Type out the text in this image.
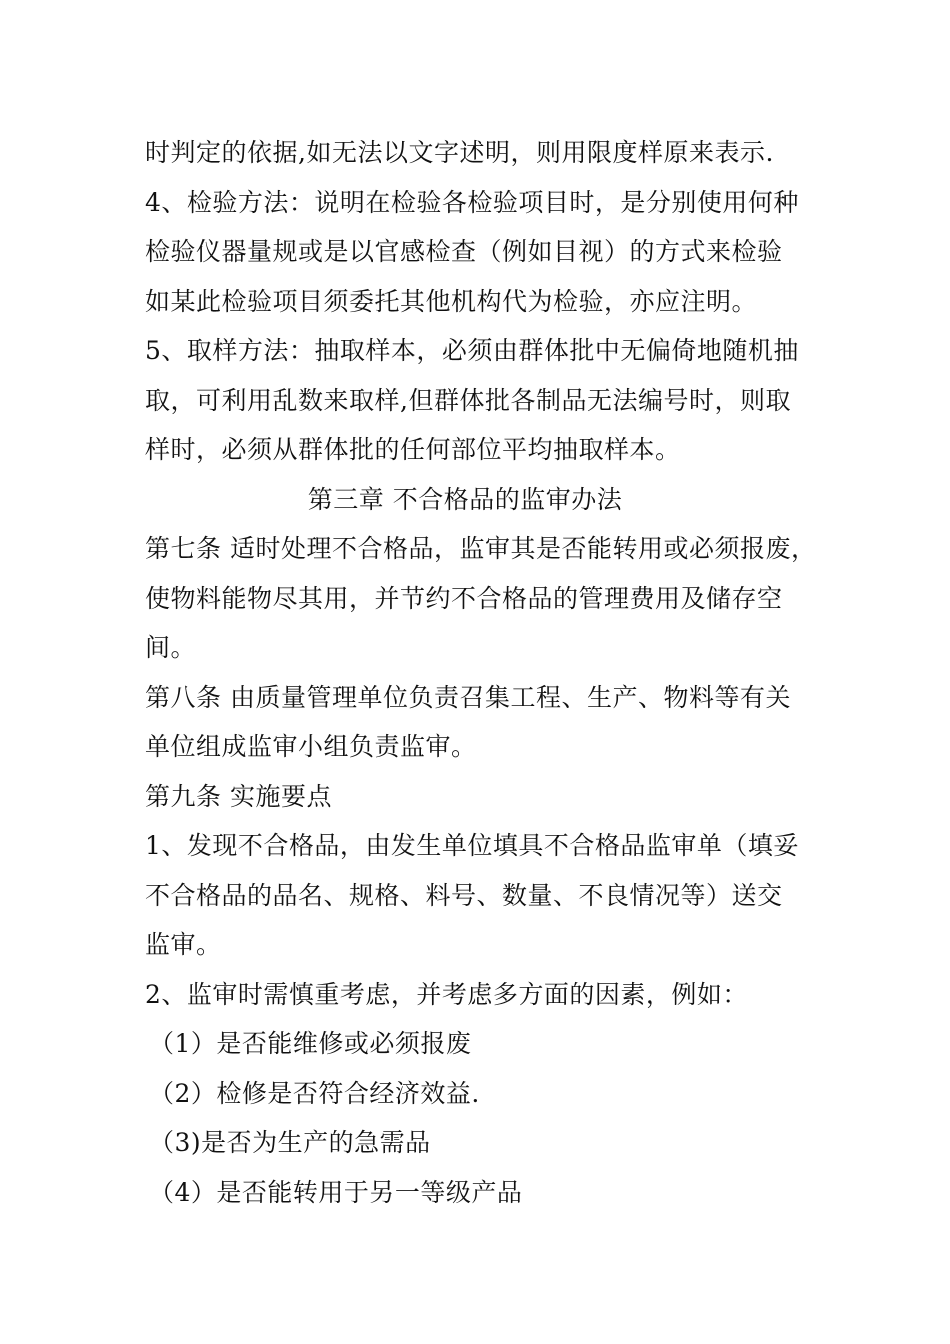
时判定的依据,如无法以文字述明，则用限度样原来表示.
4、检验方法：说明在检验各检验项目时，是分别使用何种
检验仪器量规或是以官感检查（例如目视）的方式来检验
如某此检验项目须委托其他机构代为检验，亦应注明。
5、取样方法：抽取样本，必须由群体批中无偏倚地随机抽
取，可利用乱数来取样,但群体批各制品无法编号时，则取
样时，必须从群体批的任何部位平均抽取样本。
第三章 不合格品的监审办法
第七条 适时处理不合格品，监审其是否能转用或必须报废，
使物料能物尽其用，并节约不合格品的管理费用及储存空
间。
第八条 由质量管理单位负责召集工程、生产、物料等有关
单位组成监审小组负责监审。
第九条 实施要点
1、发现不合格品，由发生单位填具不合格品监审单（填妥
不合格品的品名、规格、料号、数量、不良情况等）送交
监审。
2、监审时需慎重考虑，并考虑多方面的因素，例如：
（1）是否能维修或必须报废
（2）检修是否符合经济效益.
（3)是否为生产的急需品
（4）是否能转用于另一等级产品
